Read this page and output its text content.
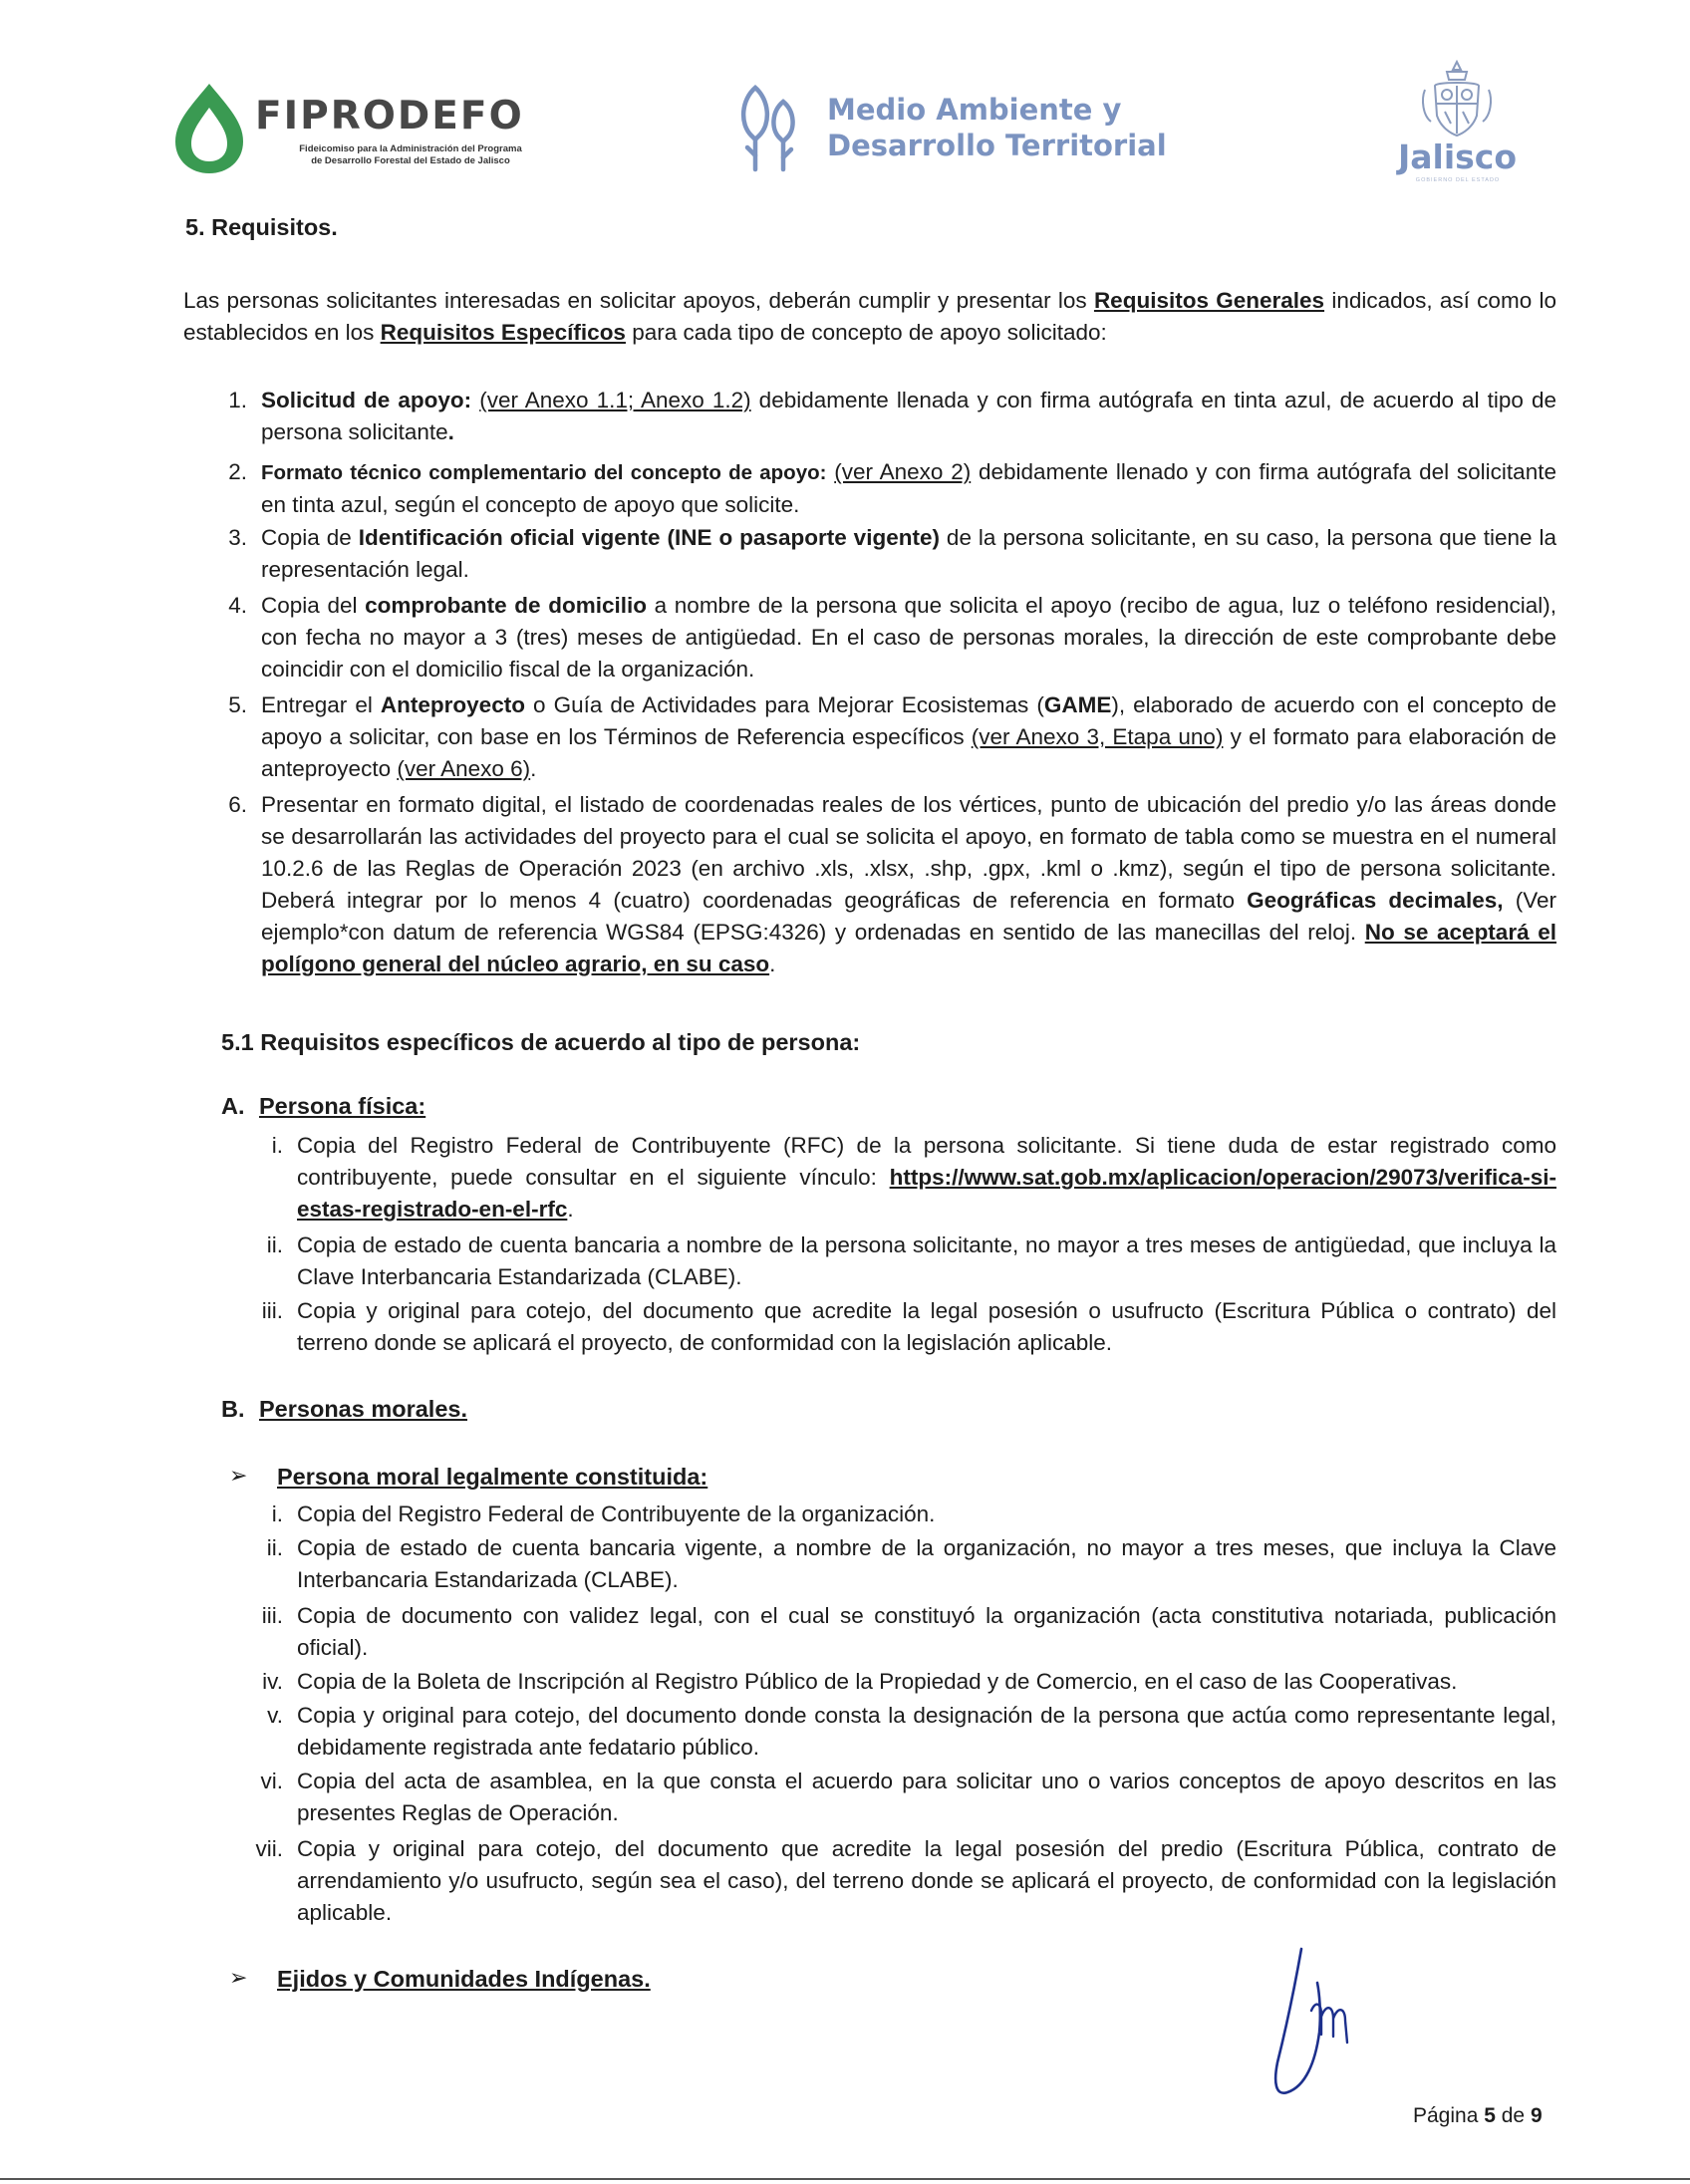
FIPRODEFO
Fideicomiso para la Administración del Programa
de Desarrollo Forestal del Estado de Jalisco
Medio Ambiente y
Desarrollo Territorial	Jalisco
GOBIERNO DEL ESTADO
5. Requisitos.
Las personas solicitantes interesadas en solicitar apoyos, deberán cumplir y presentar los Requisitos Generales indicados, así como lo establecidos en los Requisitos Específicos para cada tipo de concepto de apoyo solicitado:
1. Solicitud de apoyo: (ver Anexo 1.1; Anexo 1.2) debidamente llenada y con firma autógrafa en tinta azul, de acuerdo al tipo de persona solicitante.
2. Formato técnico complementario del concepto de apoyo: (ver Anexo 2) debidamente llenado y con firma autógrafa del solicitante en tinta azul, según el concepto de apoyo que solicite.
3. Copia de Identificación oficial vigente (INE o pasaporte vigente) de la persona solicitante, en su caso, la persona que tiene la representación legal.
4. Copia del comprobante de domicilio a nombre de la persona que solicita el apoyo (recibo de agua, luz o teléfono residencial), con fecha no mayor a 3 (tres) meses de antigüedad. En el caso de personas morales, la dirección de este comprobante debe coincidir con el domicilio fiscal de la organización.
5. Entregar el Anteproyecto o Guía de Actividades para Mejorar Ecosistemas (GAME), elaborado de acuerdo con el concepto de apoyo a solicitar, con base en los Términos de Referencia específicos (ver Anexo 3, Etapa uno) y el formato para elaboración de anteproyecto (ver Anexo 6).
6. Presentar en formato digital, el listado de coordenadas reales de los vértices, punto de ubicación del predio y/o las áreas donde se desarrollarán las actividades del proyecto para el cual se solicita el apoyo, en formato de tabla como se muestra en el numeral 10.2.6 de las Reglas de Operación 2023 (en archivo .xls, .xlsx, .shp, .gpx, .kml o .kmz), según el tipo de persona solicitante. Deberá integrar por lo menos 4 (cuatro) coordenadas geográficas de referencia en formato Geográficas decimales, (Ver ejemplo*con datum de referencia WGS84 (EPSG:4326) y ordenadas en sentido de las manecillas del reloj. No se aceptará el polígono general del núcleo agrario, en su caso.
5.1 Requisitos específicos de acuerdo al tipo de persona:
A. Persona física:
i. Copia del Registro Federal de Contribuyente (RFC) de la persona solicitante. Si tiene duda de estar registrado como contribuyente, puede consultar en el siguiente vínculo: https://www.sat.gob.mx/aplicacion/operacion/29073/verifica-si-estas-registrado-en-el-rfc.
ii. Copia de estado de cuenta bancaria a nombre de la persona solicitante, no mayor a tres meses de antigüedad, que incluya la Clave Interbancaria Estandarizada (CLABE).
iii. Copia y original para cotejo, del documento que acredite la legal posesión o usufructo (Escritura Pública o contrato) del terreno donde se aplicará el proyecto, de conformidad con la legislación aplicable.
B. Personas morales.
➢ Persona moral legalmente constituida:
i. Copia del Registro Federal de Contribuyente de la organización.
ii. Copia de estado de cuenta bancaria vigente, a nombre de la organización, no mayor a tres meses, que incluya la Clave Interbancaria Estandarizada (CLABE).
iii. Copia de documento con validez legal, con el cual se constituyó la organización (acta constitutiva notariada, publicación oficial).
iv. Copia de la Boleta de Inscripción al Registro Público de la Propiedad y de Comercio, en el caso de las Cooperativas.
v. Copia y original para cotejo, del documento donde consta la designación de la persona que actúa como representante legal, debidamente registrada ante fedatario público.
vi. Copia del acta de asamblea, en la que consta el acuerdo para solicitar uno o varios conceptos de apoyo descritos en las presentes Reglas de Operación.
vii. Copia y original para cotejo, del documento que acredite la legal posesión del predio (Escritura Pública, contrato de arrendamiento y/o usufructo, según sea el caso), del terreno donde se aplicará el proyecto, de conformidad con la legislación aplicable.
➢ Ejidos y Comunidades Indígenas.
Página 5 de 9
